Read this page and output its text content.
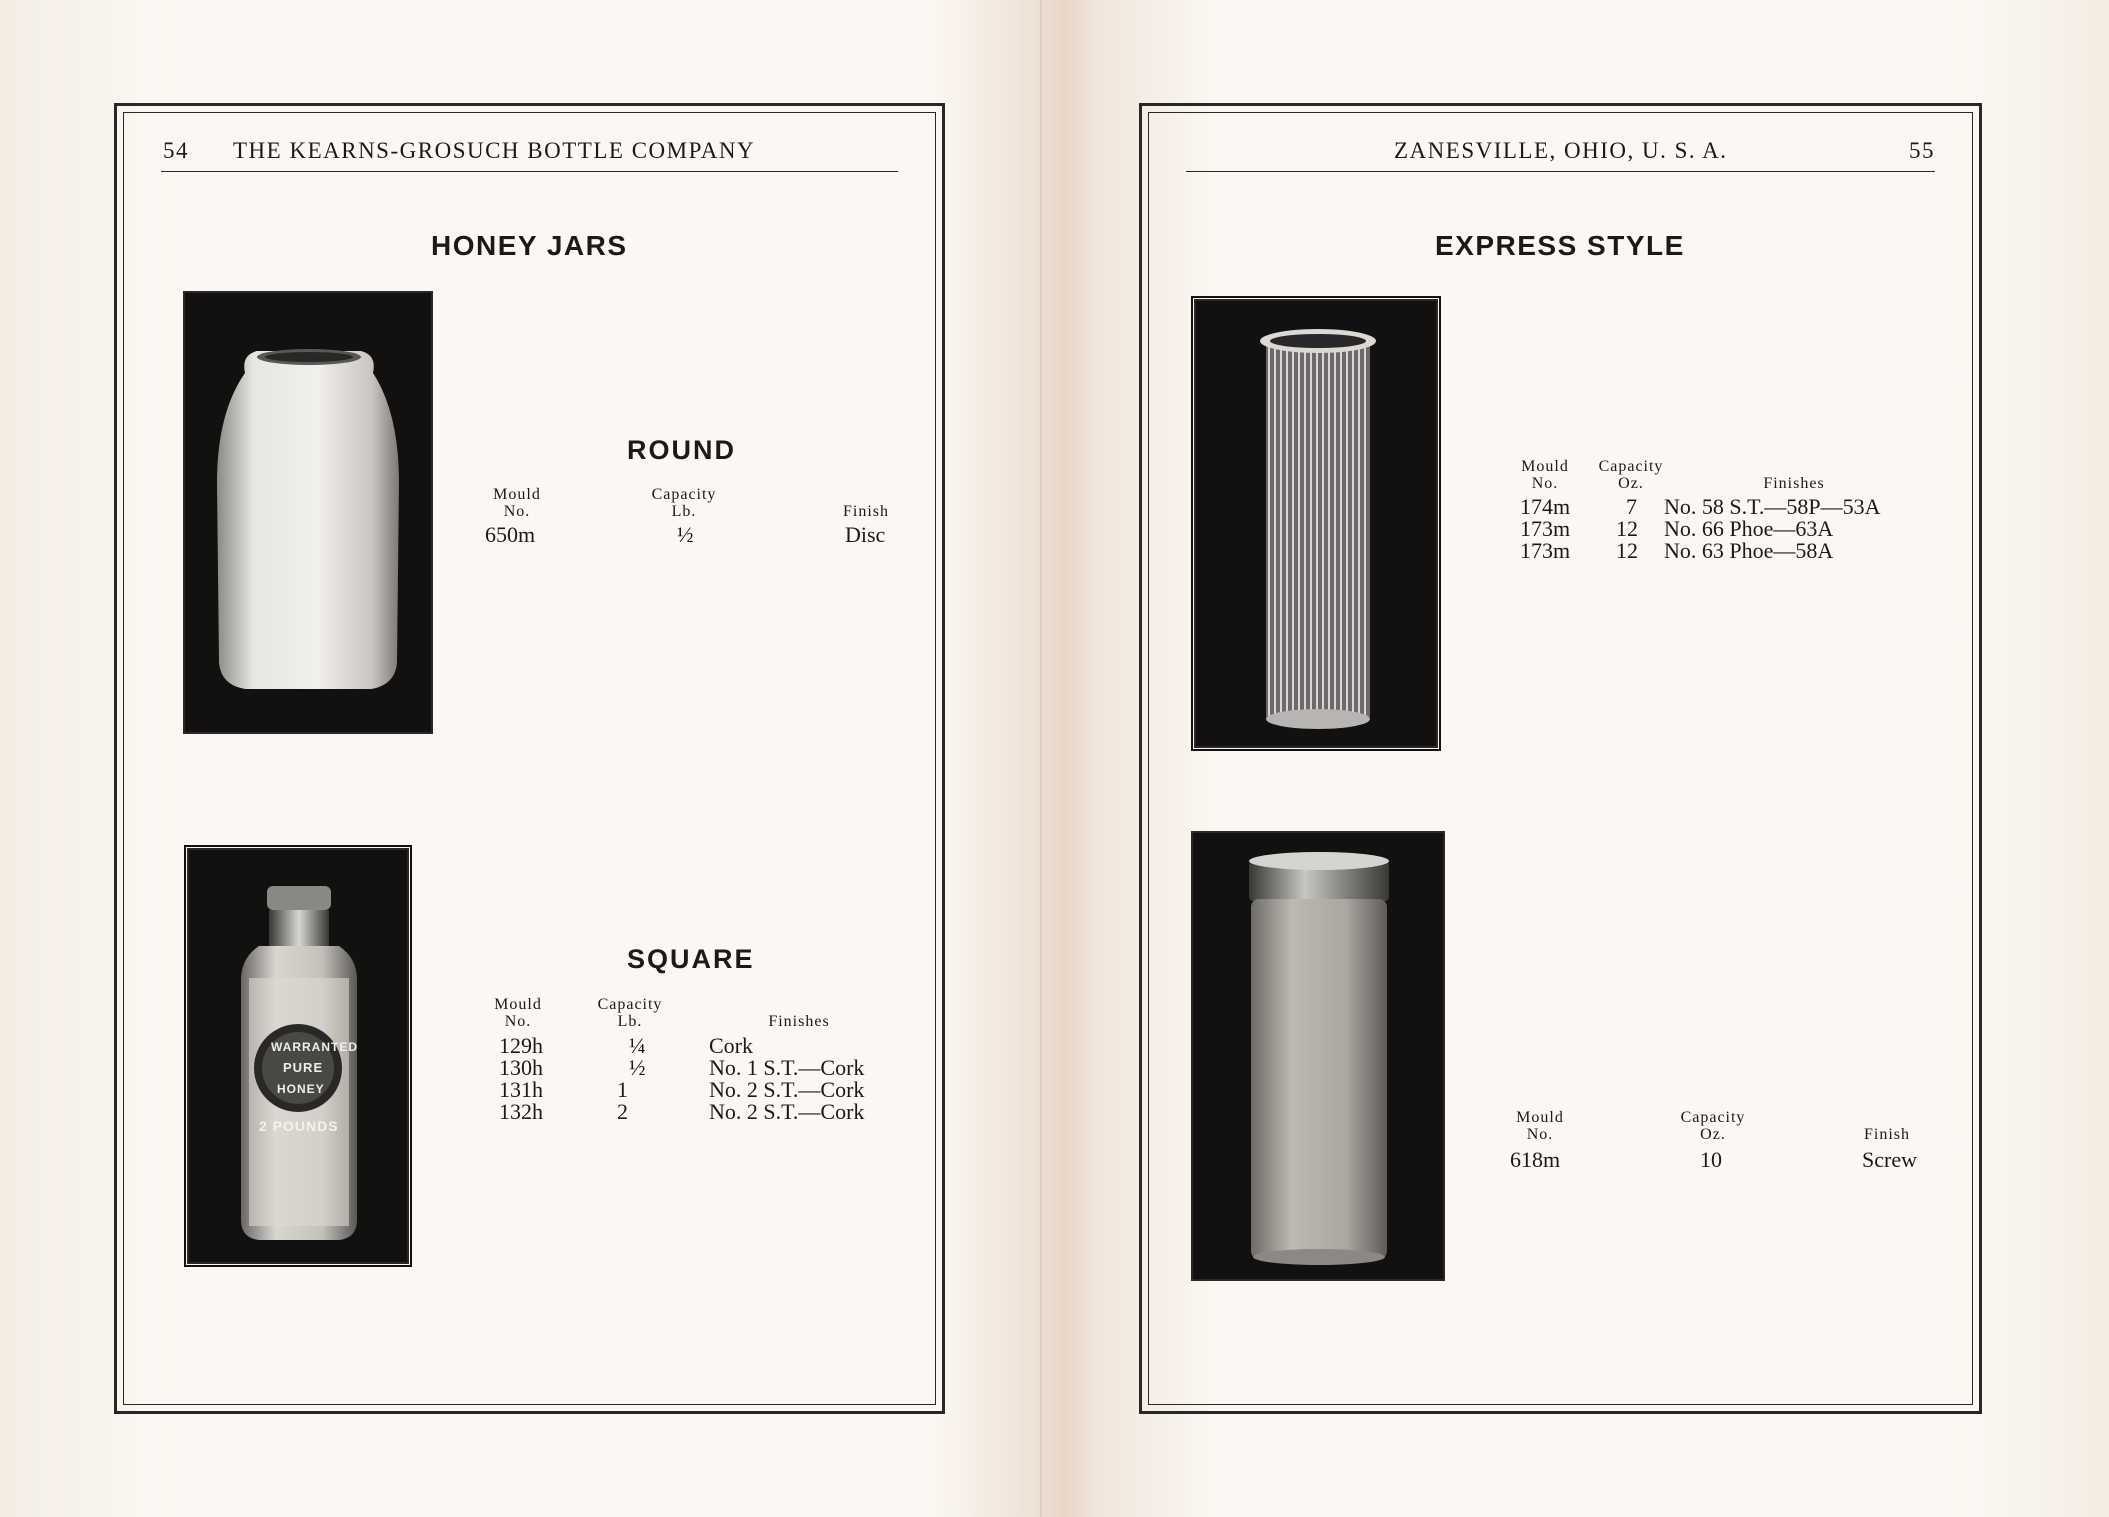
54 THE KEARNS-GROSUCH BOTTLE COMPANY
HONEY JARS
ROUND
Mould
No.
Capacity
Lb.	Finish
650m	½	Disc
WARRANTED
PURE
HONEY
2 POUNDS
SQUARE
Mould
No.
Capacity
Lb.	Finishes
129h	¼	Cork
130h	½	No. 1 S.T.—Cork
131h	1	No. 2 S.T.—Cork
132h	2	No. 2 S.T.—Cork
ZANESVILLE, OHIO, U. S. A.	55
EXPRESS STYLE
Mould
No.
Capacity
Oz.	Finishes
174m	7 No. 58 S.T.—58P—53A
173m 12 No. 66 Phoe—63A
173m 12 No. 63 Phoe—58A
Mould
No.
Capacity
Oz.	Finish
618m	10	Screw
